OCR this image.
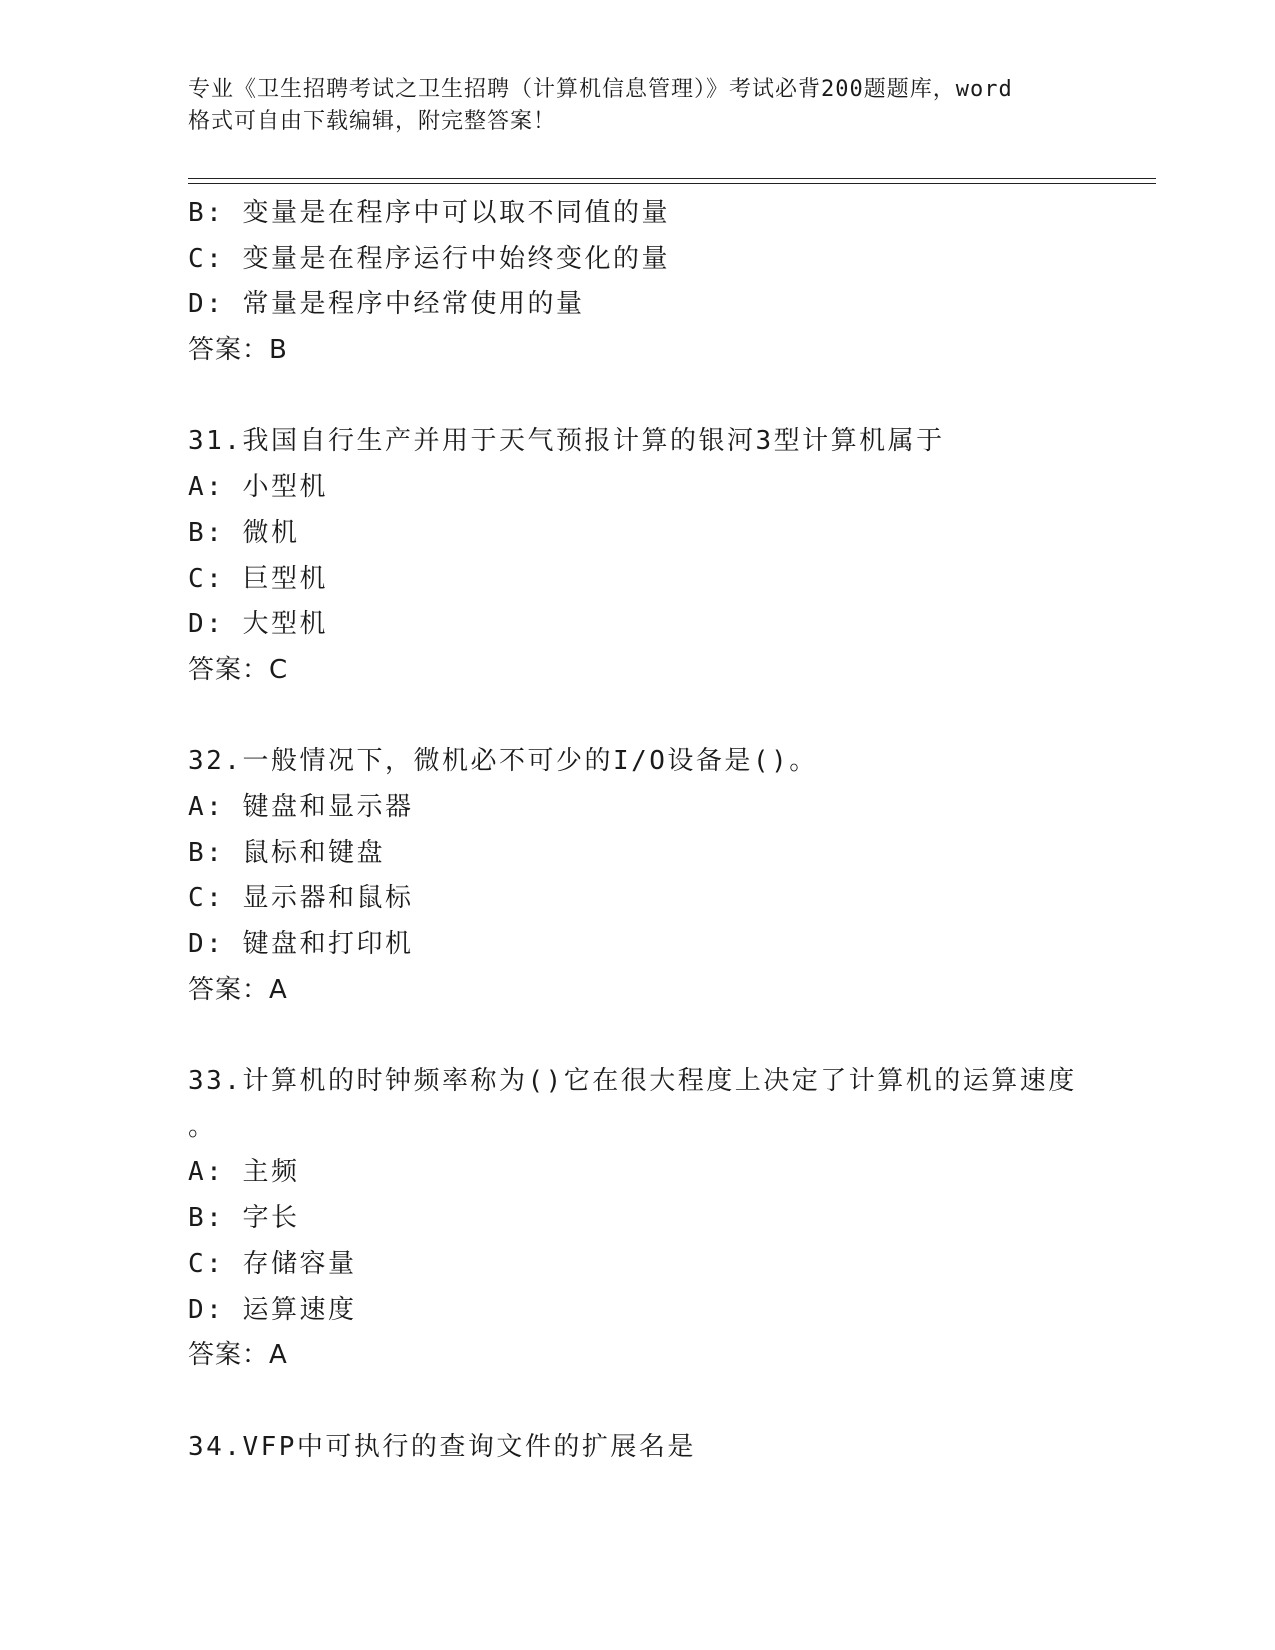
专业《卫生招聘考试之卫生招聘（计算机信息管理）》考试必背200题题库，word
格式可自由下载编辑，附完整答案！
B: 变量是在程序中可以取不同值的量
C: 变量是在程序运行中始终变化的量
D: 常量是程序中经常使用的量
答案：B
31.我国自行生产并用于天气预报计算的银河3型计算机属于
A: 小型机
B: 微机
C: 巨型机
D: 大型机
答案：C
32.一般情况下，微机必不可少的I/O设备是()。
A: 键盘和显示器
B: 鼠标和键盘
C: 显示器和鼠标
D: 键盘和打印机
答案：A
33.计算机的时钟频率称为()它在很大程度上决定了计算机的运算速度
。
A: 主频
B: 字长
C: 存储容量
D: 运算速度
答案：A
34.VFP中可执行的查询文件的扩展名是
